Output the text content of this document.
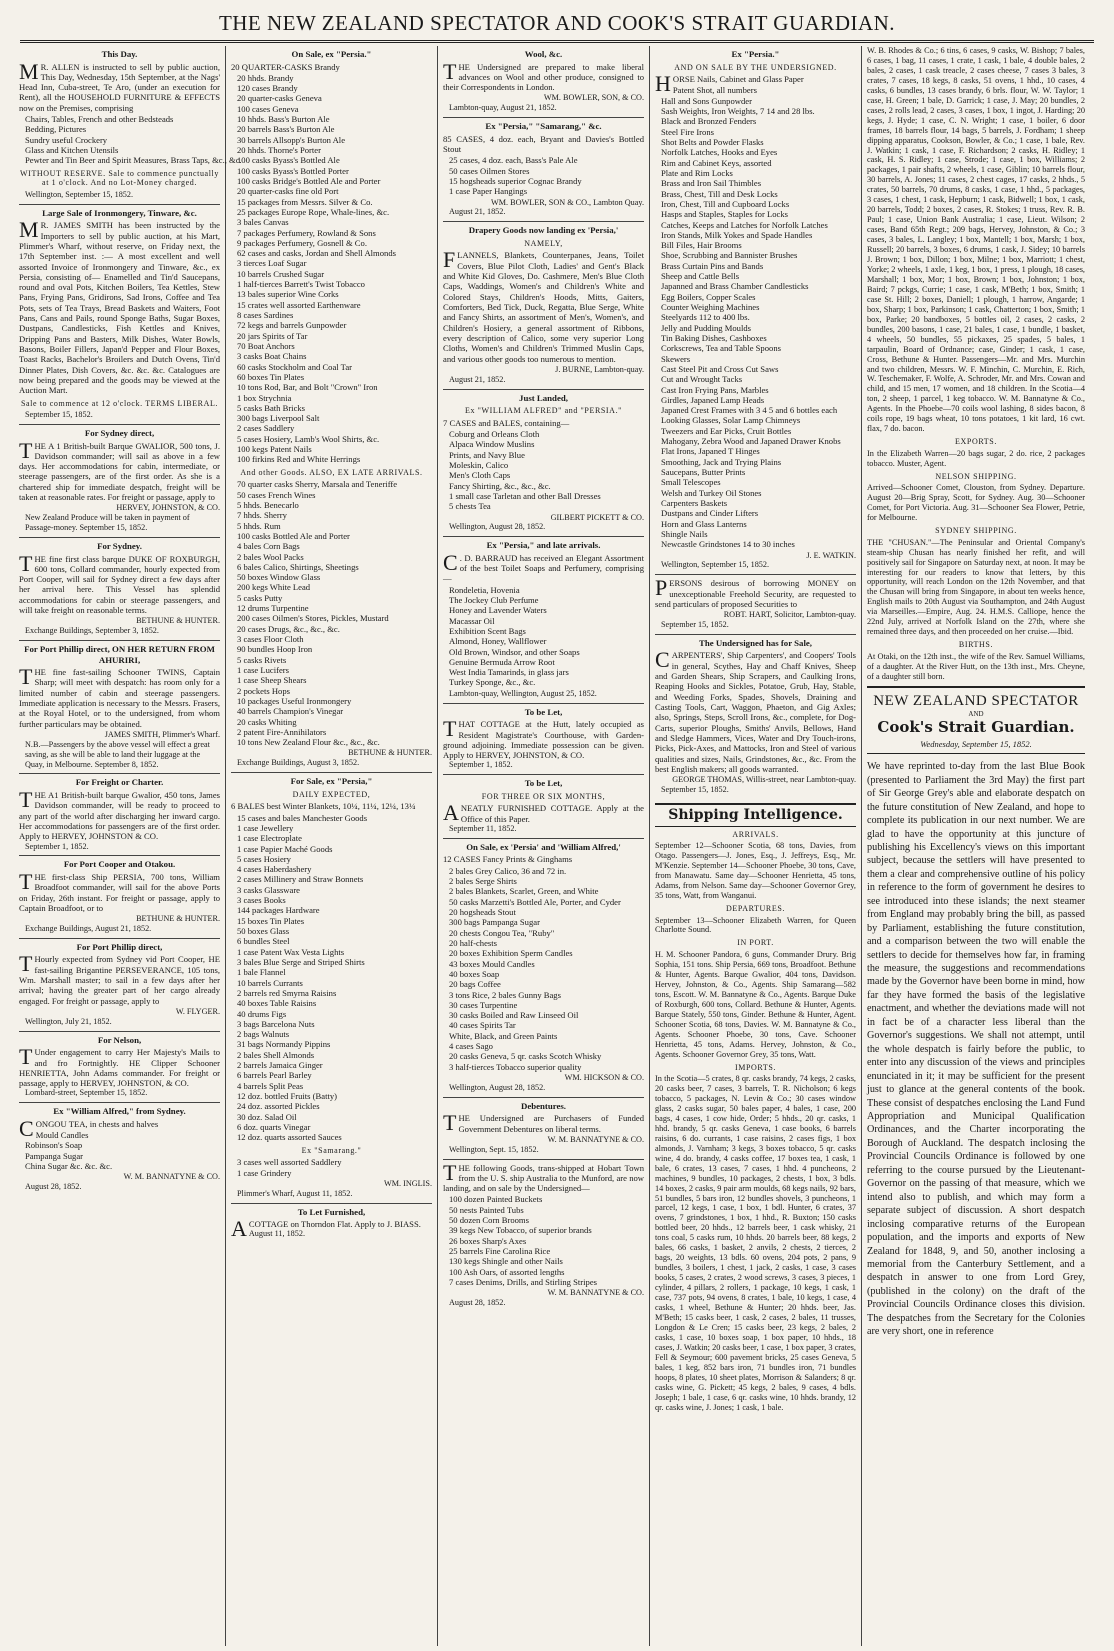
THE NEW ZEALAND SPECTATOR AND COOK'S STRAIT GUARDIAN.
This Day.
M R. ALLEN is instructed to sell by public auction, This Day, Wednesday, 15th September, at the Nags' Head Inn, Cuba-street, Te Aro, (under an execution for Rent), all the HOUSEHOLD FURNITURE & EFFECTS now on the Premises, comprising
Chairs, Tables, French and other Bedsteads
Bedding, Pictures
Sundry useful Crockery
Glass and Kitchen Utensils
Pewter and Tin Beer and Spirit Measures, Brass Taps, &c., &c.
WITHOUT RESERVE. Sale to commence punctually at 1 o'clock. And no Lot-Money charged.
Wellington, September 15, 1852.
Large Sale of Ironmongery, Tinware, &c.
M R. JAMES SMITH has been instructed by the Importers to sell by public auction, at his Mart, Plimmer's Wharf, without reserve, on Friday next, the 17th September inst. :— A most excellent and well assorted Invoice of Ironmongery and Tinware, &c., ex Persia, consisting of— Enamelled and Tin'd Saucepans, round and oval Pots, Kitchen Boilers, Tea Kettles, Stew Pans, Frying Pans, Gridirons, Sad Irons, Coffee and Tea Pots, sets of Tea Trays, Bread Baskets and Waiters, Foot Pans, Cans and Pails, round Sponge Baths, Sugar Boxes, Dustpans, Candlesticks, Fish Kettles and Knives, Dripping Pans and Basters, Milk Dishes, Water Bowls, Basons, Boiler Fillers, Japan'd Pepper and Flour Boxes, Toast Racks, Bachelor's Broilers and Dutch Ovens, Tin'd Dinner Plates, Dish Covers, &c. &c. &c. Catalogues are now being prepared and the goods may be viewed at the Auction Mart.
Sale to commence at 12 o'clock. TERMS LIBERAL.
September 15, 1852.
For Sydney direct,
THE A 1 British-built Barque GWALIOR, 500 tons, J. Davidson commander; will sail as above in a few days. Her accommodations for cabin, intermediate, or steerage passengers, are of the first order. As she is a chartered ship for immediate despatch, freight will be taken at reasonable rates. For freight or passage, apply to
HERVEY, JOHNSTON, & CO.
New Zealand Produce will be taken in payment of Passage-money. September 15, 1852.
For Sydney.
THE fine first class barque DUKE OF ROXBURGH, 600 tons, Collard commander, hourly expected from Port Cooper, will sail for Sydney direct a few days after her arrival here. This Vessel has splendid accommodations for cabin or steerage passengers, and will take freight on reasonable terms.
BETHUNE & HUNTER.
Exchange Buildings, September 3, 1852.
For Port Phillip direct, ON HER RETURN FROM AHURIRI,
THE fine fast-sailing Schooner TWINS, Captain Sharp; will meet with despatch: has room only for a limited number of cabin and steerage passengers. Immediate application is necessary to the Messrs. Frasers, at the Royal Hotel, or to the undersigned, from whom further particulars may be obtained.
JAMES SMITH, Plimmer's Wharf.
N.B.—Passengers by the above vessel will effect a great saving, as she will be able to land their luggage at the Quay, in Melbourne. September 8, 1852.
For Freight or Charter.
THE A1 British-built barque Gwalior, 450 tons, James Davidson commander, will be ready to proceed to any part of the world after discharging her inward cargo. Her accommodations for passengers are of the first order. Apply to HERVEY, JOHNSTON & CO.
September 1, 1852.
For Port Cooper and Otakou.
THE first-class Ship PERSIA, 700 tons, William Broadfoot commander, will sail for the above Ports on Friday, 26th instant. For freight or passage, apply to Captain Broadfoot, or to
BETHUNE & HUNTER.
Exchange Buildings, August 21, 1852.
For Port Phillip direct,
T Hourly expected from Sydney vid Port Cooper, HE fast-sailing Brigantine PERSEVERANCE, 105 tons, Wm. Marshall master; to sail in a few days after her arrival; having the greater part of her cargo already engaged. For freight or passage, apply to
W. FLYGER.
Wellington, July 21, 1852.
For Nelson,
T Under engagement to carry Her Majesty's Mails to and fro Fortnightly. HE Clipper Schooner HENRIETTA, John Adams commander. For freight or passage, apply to HERVEY, JOHNSTON, & CO.
Lombard-street, September 15, 1852.
Ex "William Alfred," from Sydney.
CONGOU TEA, in chests and halves
Mould Candles
Robinson's Soap
Pampanga Sugar
China Sugar &c. &c. &c.
W. M. BANNATYNE & CO.
August 28, 1852.
On Sale, ex "Persia."
20 QUARTER-CASKS Brandy
20 hhds. Brandy
120 cases Brandy
20 quarter-casks Geneva
100 cases Geneva
10 hhds. Bass's Burton Ale
20 barrels Bass's Burton Ale
30 barrels Allsopp's Burton Ale
20 hhds. Thorne's Porter
100 casks Byass's Bottled Ale
100 casks Byass's Bottled Porter
100 casks Bridge's Bottled Ale and Porter
20 quarter-casks fine old Port
15 packages from Messrs. Silver & Co.
25 packages Europe Rope, Whale-lines, &c.
3 bales Canvas
7 packages Perfumery, Rowland & Sons
9 packages Perfumery, Gosnell & Co.
62 cases and casks, Jordan and Shell Almonds
3 tierces Loaf Sugar
10 barrels Crushed Sugar
1 half-tierces Barrett's Twist Tobacco
13 bales superior Wine Corks
15 crates well assorted Earthenware
8 cases Sardines
72 kegs and barrels Gunpowder
20 jars Spirits of Tar
70 Boat Anchors
3 casks Boat Chains
60 casks Stockholm and Coal Tar
60 boxes Tin Plates
10 tons Rod, Bar, and Bolt "Crown" Iron
1 box Strychnia
5 casks Bath Bricks
300 bags Liverpool Salt
2 cases Saddlery
5 cases Hosiery, Lamb's Wool Shirts, &c.
100 kegs Patent Nails
100 firkins Red and White Herrings
And other Goods. ALSO, EX LATE ARRIVALS.
70 quarter casks Sherry, Marsala and Teneriffe
50 cases French Wines
5 hhds. Benecarlo
7 hhds. Sherry
5 hhds. Rum
100 casks Bottled Ale and Porter
4 bales Corn Bags
2 bales Wool Packs
6 bales Calico, Shirtings, Sheetings
50 boxes Window Glass
200 kegs White Lead
5 casks Putty
12 drums Turpentine
200 cases Oilmen's Stores, Pickles, Mustard
20 cases Drugs, &c., &c., &c.
3 cases Floor Cloth
90 bundles Hoop Iron
5 casks Rivets
1 case Lucifers
1 case Sheep Shears
2 pockets Hops
10 packages Useful Ironmongery
40 barrels Champion's Vinegar
20 casks Whiting
2 patent Fire-Annihilators
10 tons New Zealand Flour &c., &c., &c.
BETHUNE & HUNTER.
Exchange Buildings, August 3, 1852.
For Sale, ex "Persia,"
DAILY EXPECTED,
6 BALES best Winter Blankets, 10¼, 11¼, 12¼, 13¼
15 cases and bales Manchester Goods
1 case Jewellery
1 case Electroplate
1 case Papier Maché Goods
5 cases Hosiery
4 cases Haberdashery
2 cases Millinery and Straw Bonnets
3 casks Glassware
3 cases Books
144 packages Hardware
15 boxes Tin Plates
50 boxes Glass
6 bundles Steel
1 case Patent Wax Vesta Lights
3 bales Blue Serge and Striped Shirts
1 bale Flannel
10 barrels Currants
2 barrels red Smyrna Raisins
40 boxes Table Raisins
40 drums Figs
3 bags Barcelona Nuts
2 bags Walnuts
31 bags Normandy Pippins
2 bales Shell Almonds
2 barrels Jamaica Ginger
6 barrels Pearl Barley
4 barrels Split Peas
12 doz. bottled Fruits (Batty)
24 doz. assorted Pickles
30 doz. Salad Oil
6 doz. quarts Vinegar
12 doz. quarts assorted Sauces
Ex "Samarang."
3 cases well assorted Saddlery
1 case Grindery
WM. INGLIS.
Plimmer's Wharf, August 11, 1852.
To Let Furnished,
ACOTTAGE on Thorndon Flat. Apply to J. BIASS.
August 11, 1852.
Wool, &c.
THE Undersigned are prepared to make liberal advances on Wool and other produce, consigned to their Correspondents in London.
WM. BOWLER, SON, & CO.
Lambton-quay, August 21, 1852.
Ex "Persia," "Samarang," &c.
85 CASES, 4 doz. each, Bryant and Davies's Bottled Stout
25 cases, 4 doz. each, Bass's Pale Ale
50 cases Oilmen Stores
15 hogsheads superior Cognac Brandy
1 case Paper Hangings
WM. BOWLER, SON & CO., Lambton Quay.
August 21, 1852.
Drapery Goods now landing ex 'Persia,'
NAMELY,
FLANNELS, Blankets, Counterpanes, Jeans, Toilet Covers, Blue Pilot Cloth, Ladies' and Gent's Black and White Kid Gloves, Do. Cashmere, Men's Blue Cloth Caps, Waddings, Women's and Children's White and Colored Stays, Children's Hoods, Mitts, Gaiters, Comforters, Bed Tick, Duck, Regatta, Blue Serge, White and Fancy Shirts, an assortment of Men's, Women's, and Children's Hosiery, a general assortment of Ribbons, every description of Calico, some very superior Long Cloths, Women's and Children's Trimmed Muslin Caps, and various other goods too numerous to mention.
J. BURNE, Lambton-quay.
August 21, 1852.
Just Landed,
Ex "WILLIAM ALFRED" and "PERSIA."
7 CASES and BALES, containing—
Coburg and Orleans Cloth
Alpaca Window Muslins
Prints, and Navy Blue
Moleskin, Calico
Men's Cloth Caps
Fancy Shirting, &c., &c., &c.
1 small case Tarletan and other Ball Dresses
5 chests Tea
GILBERT PICKETT & CO.
Wellington, August 28, 1852.
Ex "Persia," and late arrivals.
C . D. BARRAUD has received an Elegant Assortment of the best Toilet Soaps and Perfumery, comprising—
Rondeletia, Hovenia
The Jockey Club Perfume
Honey and Lavender Waters
Macassar Oil
Exhibition Scent Bags
Almond, Honey, Wallflower
Old Brown, Windsor, and other Soaps
Genuine Bermuda Arrow Root
West India Tamarinds, in glass jars
Turkey Sponge, &c., &c.
Lambton-quay, Wellington, August 25, 1852.
To be Let,
THAT COTTAGE at the Hutt, lately occupied as Resident Magistrate's Courthouse, with Garden-ground adjoining. Immediate possession can be given. Apply to HERVEY, JOHNSTON, & CO.
September 1, 1852.
To be Let,
FOR THREE OR SIX MONTHS,
ANEATLY FURNISHED COTTAGE. Apply at the Office of this Paper.
September 11, 1852.
On Sale, ex 'Persia' and 'William Alfred,'
12 CASES Fancy Prints & Ginghams
2 bales Grey Calico, 36 and 72 in.
2 bales Serge Shirts
2 bales Blankets, Scarlet, Green, and White
50 casks Marzetti's Bottled Ale, Porter, and Cyder
20 hogsheads Stout
300 bags Pampanga Sugar
20 chests Congou Tea, "Ruby"
20 half-chests
20 boxes Exhibition Sperm Candles
43 boxes Mould Candles
40 boxes Soap
20 bags Coffee
3 tons Rice, 2 bales Gunny Bags
30 cases Turpentine
30 casks Boiled and Raw Linseed Oil
40 cases Spirits Tar
White, Black, and Green Paints
4 cases Sago
20 casks Geneva, 5 qr. casks Scotch Whisky
3 half-tierces Tobacco superior quality
WM. HICKSON & CO.
Wellington, August 28, 1852.
Debentures.
THE Undersigned are Purchasers of Funded Government Debentures on liberal terms.
W. M. BANNATYNE & CO.
Wellington, Sept. 15, 1852.
THE following Goods, trans-shipped at Hobart Town from the U. S. ship Australia to the Munford, are now landing, and on sale by the Undersigned—
100 dozen Painted Buckets
50 nests Painted Tubs
50 dozen Corn Brooms
39 kegs New Tobacco, of superior brands
26 boxes Sharp's Axes
25 barrels Fine Carolina Rice
130 kegs Shingle and other Nails
100 Ash Oars, of assorted lengths
7 cases Denims, Drills, and Stirling Stripes
W. M. BANNATYNE & CO.
August 28, 1852.
Ex "Persia."
AND ON SALE BY THE UNDERSIGNED.
HORSE Nails, Cabinet and Glass Paper
Patent Shot, all numbers
Hall and Sons Gunpowder
Sash Weights, Iron Weights, 7 14 and 28 lbs.
Black and Bronzed Fenders
Steel Fire Irons
Shot Belts and Powder Flasks
Norfolk Latches, Hooks and Eyes
Rim and Cabinet Keys, assorted
Plate and Rim Locks
Brass and Iron Sail Thimbles
Brass, Chest, Till and Desk Locks
Iron, Chest, Till and Cupboard Locks
Hasps and Staples, Staples for Locks
Catches, Keeps and Latches for Norfolk Latches
Iron Stands, Milk Yokes and Spade Handles
Bill Files, Hair Brooms
Shoe, Scrubbing and Bannister Brushes
Brass Curtain Pins and Bands
Sheep and Cattle Bells
Japanned and Brass Chamber Candlesticks
Egg Boilers, Copper Scales
Counter Weighing Machines
Steelyards 112 to 400 lbs.
Jelly and Pudding Moulds
Tin Baking Dishes, Cashboxes
Corkscrews, Tea and Table Spoons
Skewers
Cast Steel Pit and Cross Cut Saws
Cut and Wrought Tacks
Cast Iron Frying Pans, Marbles
Girdles, Japaned Lamp Heads
Japaned Crest Frames with 3 4 5 and 6 bottles each
Looking Glasses, Solar Lamp Chimneys
Tweezers and Ear Picks, Cruit Bottles
Mahogany, Zebra Wood and Japaned Drawer Knobs
Flat Irons, Japaned T Hinges
Smoothing, Jack and Trying Plains
Saucepans, Butter Prints
Small Telescopes
Welsh and Turkey Oil Stones
Carpenters Baskets
Dustpans and Cinder Lifters
Horn and Glass Lanterns
Shingle Nails
Newcastle Grindstones 14 to 30 inches
J. E. WATKIN.
Wellington, September 15, 1852.
PERSONS desirous of borrowing MONEY on unexceptionable Freehold Security, are requested to send particulars of proposed Securities to
ROBT. HART, Solicitor, Lambton-quay.
September 15, 1852.
The Undersigned has for Sale,
CARPENTERS', Ship Carpenters', and Coopers' Tools in general, Scythes, Hay and Chaff Knives, Sheep and Garden Shears, Ship Scrapers, and Caulking Irons, Reaping Hooks and Sickles, Potatoe, Grub, Hay, Stable, and Weeding Forks, Spades, Shovels, Draining and Casting Tools, Cart, Waggon, Phaeton, and Gig Axles; also, Springs, Steps, Scroll Irons, &c., complete, for Dog-Carts, superior Ploughs, Smiths' Anvils, Bellows, Hand and Sledge Hammers, Vices, Water and Dry Touch-irons, Picks, Pick-Axes, and Mattocks, Iron and Steel of various qualities and sizes, Nails, Grindstones, &c., &c. From the best English makers; all goods warranted.
GEORGE THOMAS, Willis-street, near Lambton-quay.
September 15, 1852.
Shipping Intelligence.
ARRIVALS.
September 12—Schooner Scotia, 68 tons, Davies, from Otago. Passengers—J. Jones, Esq., J. Jeffreys, Esq., Mr. M'Kenzie. September 14—Schooner Phoebe, 30 tons, Cave, from Manawatu. Same day—Schooner Henrietta, 45 tons, Adams, from Nelson. Same day—Schooner Governor Grey, 35 tons, Watt, from Wanganui.
DEPARTURES.
September 13—Schooner Elizabeth Warren, for Queen Charlotte Sound.
IN PORT.
H. M. Schooner Pandora, 6 guns, Commander Drury. Brig Sophia, 151 tons. Ship Persia, 669 tons, Broadfoot. Bethune & Hunter, Agents. Barque Gwalior, 404 tons, Davidson. Hervey, Johnston, & Co., Agents. Ship Samarang—582 tons, Escott. W. M. Bannatyne & Co., Agents. Barque Duke of Roxburgh, 600 tons, Collard. Bethune & Hunter, Agents. Barque Stately, 550 tons, Ginder. Bethune & Hunter, Agent. Schooner Scotia, 68 tons, Davies. W. M. Bannatyne & Co., Agents. Schooner Phoebe, 30 tons, Cave. Schooner Henrietta, 45 tons, Adams. Hervey, Johnston, & Co., Agents. Schooner Governor Grey, 35 tons, Watt.
IMPORTS.
In the Scotia—5 crates, 8 qr. casks brandy, 74 kegs, 2 casks, 20 casks beer, 7 cases, 3 barrels, T. R. Nicholson; 6 kegs tobacco, 5 packages, N. Levin & Co.; 30 cases window glass, 2 casks sugar, 50 bales paper, 4 bales, 1 case, 200 bags, 4 cases, 1 cow hide, Order; 5 hhds., 20 qr. casks, 1 hhd. brandy, 5 qr. casks Geneva, 1 case books, 6 barrels raisins, 6 do. currants, 1 case raisins, 2 cases figs, 1 box almonds, J. Varnham; 3 kegs, 3 boxes tobacco, 5 qr. casks wine, 4 do. brandy, 4 casks coffee, 17 boxes tea, 1 cask, 1 bale, 6 crates, 13 cases, 7 cases, 1 hhd. 4 puncheons, 2 machines, 9 bundles, 10 packages, 2 chests, 1 box, 3 bdls. 14 boxes, 2 casks, 9 pair arm moulds, 68 kegs nails, 92 bars, 51 bundles, 5 bars iron, 12 bundles shovels, 3 puncheons, 1 parcel, 12 kegs, 1 case, 1 box, 1 bdl. Hunter, 6 crates, 37 ovens, 7 grindstones, 1 box, 1 hhd., R. Buxton; 150 casks bottled beer, 20 hhds., 12 barrels beer, 1 cask whisky, 21 tons coal, 5 casks rum, 10 hhds. 20 barrels beer, 88 kegs, 2 bales, 66 casks, 1 basket, 2 anvils, 2 chests, 2 tierces, 2 bags, 20 weights, 13 bdls. 60 ovens, 204 pots, 2 pans, 9 bundles, 3 boilers, 1 chest, 1 jack, 2 casks, 1 case, 3 cases books, 5 cases, 2 crates, 2 wood screws, 3 cases, 3 pieces, 1 cylinder, 4 pillars, 2 rollers, 1 package, 10 kegs, 1 cask, 1 case, 737 pots, 94 ovens, 8 crates, 1 bale, 10 kegs, 1 case, 4 casks, 1 wheel, Bethune & Hunter; 20 hhds. beer, Jas. M'Beth; 15 casks beer, 1 cask, 2 cases, 2 bales, 11 trusses, Longdon & Le Cren; 15 casks beer, 23 kegs, 2 bales, 2 casks, 1 case, 10 boxes soap, 1 box paper, 10 hhds., 18 cases, J. Watkin; 20 casks beer, 1 case, 1 box paper, 3 crates, Fell & Seymour; 600 pavement bricks, 25 cases Geneva, 5 bales, 1 keg, 852 bars iron, 71 bundles iron, 71 bundles hoops, 8 plates, 10 sheet plates, Morrison & Salanders; 8 qr. casks wine, G. Pickett; 45 kegs, 2 bales, 9 cases, 4 bdls. Joseph; 1 bale, 1 case, 6 qr. casks wine, 10 hhds. brandy, 12 qr. casks wine, J. Jones; 1 cask, 1 bale.
W. B. Rhodes & Co.; 6 tins, 6 cases, 9 casks, W. Bishop; 7 bales, 6 cases, 1 bag, 11 cases, 1 crate, 1 cask, 1 bale, 4 double bales, 2 bales, 2 cases, 1 cask treacle, 2 cases cheese, 7 cases 3 bales, 3 crates, 7 cases, 18 kegs, 8 casks, 51 ovens, 1 hhd., 10 cases, 4 casks, 6 bundles, 13 cases brandy, 6 brls. flour, W. W. Taylor; 1 case, H. Green; 1 bale, D. Garrick; 1 case, J. May; 20 bundles, 2 cases, 2 rolls lead, 2 cases, 3 cases, 1 box, 1 ingot, J. Harding; 20 kegs, J. Hyde; 1 case, C. N. Wright; 1 case, 1 boiler, 6 door frames, 18 barrels flour, 14 bags, 5 barrels, J. Fordham; 1 sheep dipping apparatus, Cookson, Bowler, & Co.; 1 case, 1 bale, Rev. J. Watkin; 1 cask, 1 case, F. Richardson; 2 casks, H. Ridley; 1 cask, H. S. Ridley; 1 case, Strode; 1 case, 1 box, Williams; 2 packages, 1 pair shafts, 2 wheels, 1 case, Giblin; 10 barrels flour, 30 barrels, A. Jones; 11 cases, 2 chest cages, 17 casks, 2 hhds., 5 crates, 50 barrels, 70 drums, 8 casks, 1 case, 1 hhd., 5 packages, 3 cases, 1 chest, 1 cask, Hepburn; 1 cask, Bidwell; 1 box, 1 cask, 20 barrels, Todd; 2 boxes, 2 cases, R. Stokes; 1 truss, Rev. R. B. Paul; 1 case, Union Bank Australia; 1 case, Lieut. Wilson; 2 cases, Band 65th Regt.; 209 bags, Hervey, Johnston, & Co.; 3 cases, 3 bales, L. Langley; 1 box, Mantell; 1 box, Marsh; 1 box, Russell; 20 barrels, 3 boxes, 6 drums, 1 cask, J. Sidey; 10 barrels J. Brown; 1 box, Dillon; 1 box, Milne; 1 box, Marriott; 1 chest, Yorke; 2 wheels, 1 axle, 1 keg, 1 box, 1 press, 1 plough, 18 cases, Marshall; 1 box, Mor; 1 box, Brown; 1 box, Johnston; 1 box, Baird; 7 pckgs, Currie; 1 case, 1 cask, M'Beth; 1 box, Smith; 1 case St. Hill; 2 boxes, Daniell; 1 plough, 1 harrow, Angarde; 1 box, Sharp; 1 box, Parkinson; 1 cask, Chatterton; 1 box, Smith; 1 box, Parke; 20 bandboxes, 5 bottles oil, 2 cases, 2 casks, 2 bundles, 200 basons, 1 case, 21 bales, 1 case, 1 bundle, 1 basket, 4 wheels, 50 bundles, 55 pickaxes, 25 spades, 5 bales, 1 tarpaulin, Board of Ordnance; case, Ginder; 1 cask, 1 case, Cross, Bethune & Hunter. Passengers—Mr. and Mrs. Murchin and two children, Messrs. W. F. Minchin, C. Murchin, E. Rich, W. Teschemaker, F. Wolfe, A. Schroder, Mr. and Mrs. Cowan and child, and 15 men, 17 women, and 18 children. In the Scotia—4 ton, 2 sheep, 1 parcel, 1 keg tobacco. W. M. Bannatyne & Co., Agents. In the Phoebe—70 coils wool lashing, 8 sides bacon, 8 coils rope, 19 bags wheat, 10 tons potatoes, 1 kit lard, 16 cwt. flax, 7 do. bacon.
EXPORTS.
In the Elizabeth Warren—20 bags sugar, 2 do. rice, 2 packages tobacco. Muster, Agent.
NELSON SHIPPING.
Arrived—Schooner Comet, Clouston, from Sydney. Departure. August 20—Brig Spray, Scott, for Sydney. Aug. 30—Schooner Comet, for Port Victoria. Aug. 31—Schooner Sea Flower, Petrie, for Melbourne.
SYDNEY SHIPPING.
THE "CHUSAN."—The Peninsular and Oriental Company's steam-ship Chusan has nearly finished her refit, and will positively sail for Singapore on Saturday next, at noon. It may be interesting for our readers to know that letters, by this opportunity, will reach London on the 12th November, and that the Chusan will bring from Singapore, in about ten weeks hence, English mails to 20th August via Southampton, and 24th August via Marseilles.—Empire, Aug. 24. H.M.S. Calliope, hence the 22nd July, arrived at Norfolk Island on the 27th, where she remained three days, and then proceeded on her cruise.—Ibid.
BIRTHS.
At Otaki, on the 12th inst., the wife of the Rev. Samuel Williams, of a daughter. At the River Hutt, on the 13th inst., Mrs. Cheyne, of a daughter still born.
NEW ZEALAND SPECTATOR
AND
Cook's Strait Guardian.
Wednesday, September 15, 1852.
We have reprinted to-day from the last Blue Book (presented to Parliament the 3rd May) the first part of Sir George Grey's able and elaborate despatch on the future constitution of New Zealand, and hope to complete its publication in our next number. We are glad to have the opportunity at this juncture of publishing his Excellency's views on this important subject, because the settlers will have presented to them a clear and comprehensive outline of his policy in reference to the form of government he desires to see introduced into these islands; the next steamer from England may probably bring the bill, as passed by Parliament, establishing the future constitution, and a comparison between the two will enable the settlers to decide for themselves how far, in framing the measure, the suggestions and recommendations made by the Governor have been borne in mind, how far they have formed the basis of the legislative enactment, and whether the deviations made will not in fact be of a character less liberal than the Governor's suggestions. We shall not attempt, until the whole despatch is fairly before the public, to enter into any discussion of the views and principles enunciated in it; it may be sufficient for the present just to glance at the general contents of the book. These consist of despatches enclosing the Land Fund Appropriation and Municipal Qualification Ordinances, and the Charter incorporating the Borough of Auckland. The despatch inclosing the Provincial Councils Ordinance is followed by one referring to the course pursued by the Lieutenant-Governor on the passing of that measure, which we intend also to publish, and which may form a separate subject of discussion. A short despatch inclosing comparative returns of the European population, and the imports and exports of New Zealand for 1848, 9, and 50, another inclosing a memorial from the Canterbury Settlement, and a despatch in answer to one from Lord Grey, (published in the colony) on the draft of the Provincial Councils Ordinance closes this division. The despatches from the Secretary for the Colonies are very short, one in reference
